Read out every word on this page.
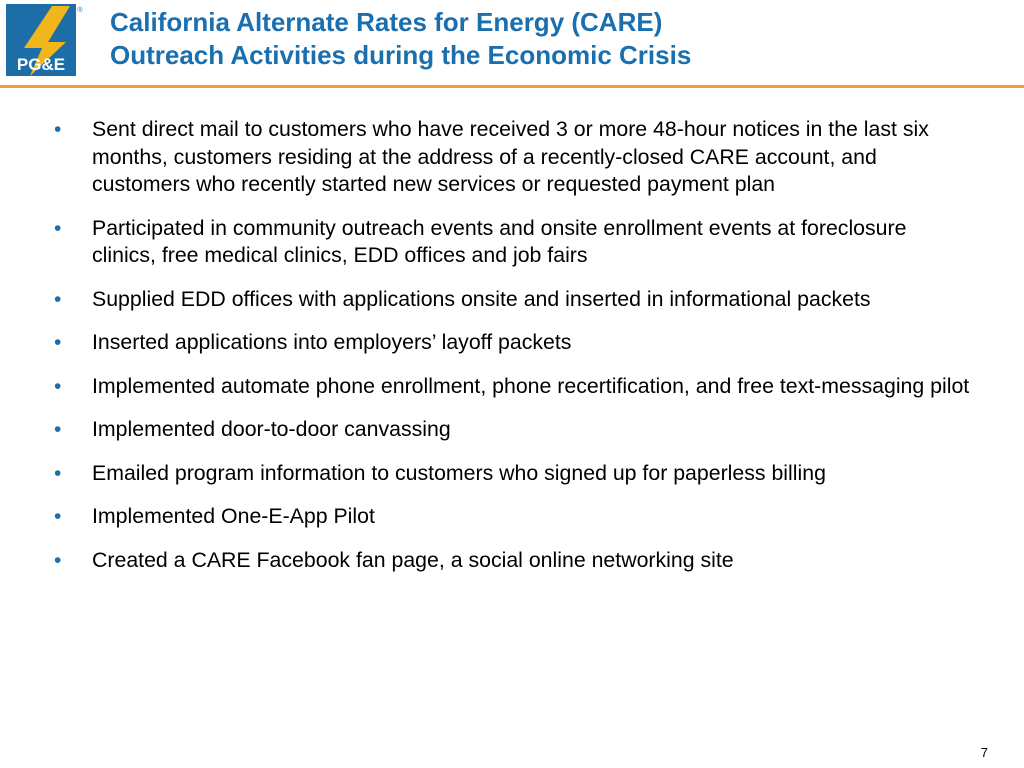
PG&E
® California Alternate Rates for Energy (CARE)
Outreach Activities during the Economic Crisis
• Sent direct mail to customers who have received 3 or more 48-hour notices in the last six months, customers residing at the address of a recently-closed CARE account, and customers who recently started new services or requested payment plan
• Participated in community outreach events and onsite enrollment events at foreclosure clinics, free medical clinics, EDD offices and job fairs
• Supplied EDD offices with applications onsite and inserted in informational packets
• Inserted applications into employers’ layoff packets
• Implemented automate phone enrollment, phone recertification, and free text-messaging pilot
• Implemented door-to-door canvassing
• Emailed program information to customers who signed up for paperless billing
• Implemented One-E-App Pilot
• Created a CARE Facebook fan page, a social online networking site
7
